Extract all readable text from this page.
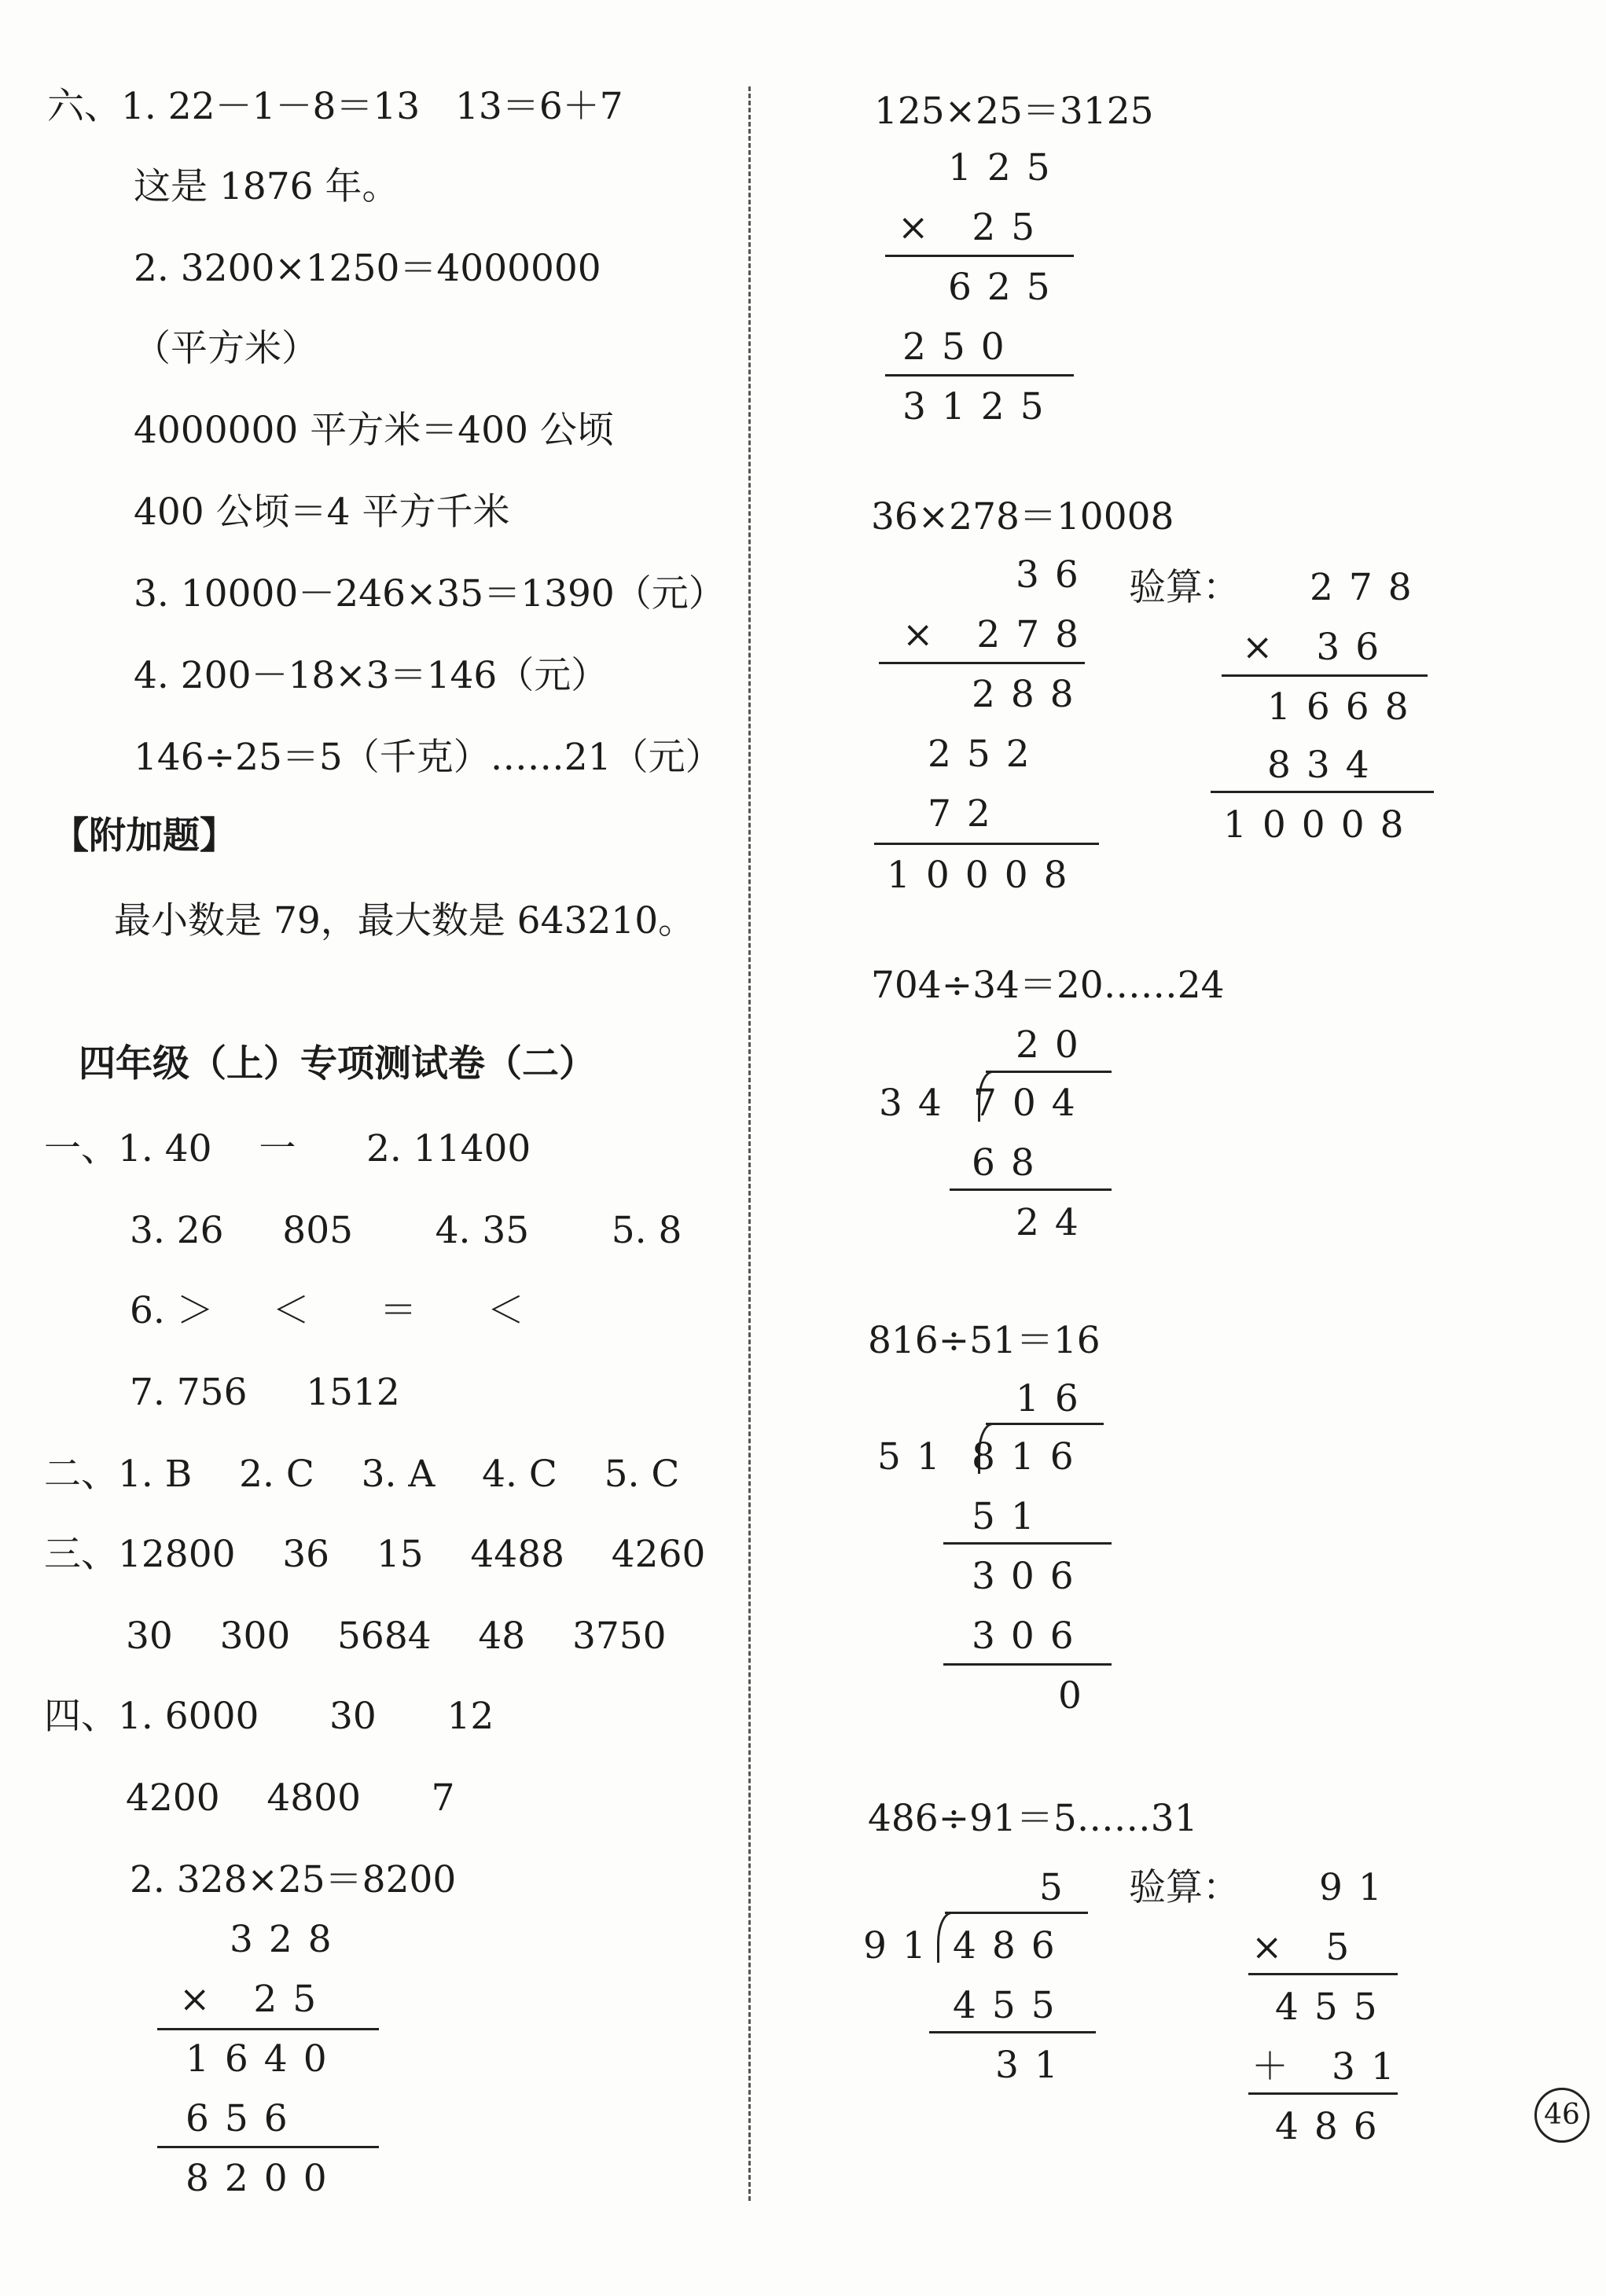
六、1. 22－1－8＝13   13＝6＋7
这是 1876 年。
2. 3200×1250＝4000000
（平方米）
4000000 平方米＝400 公顷
400 公顷＝4 平方千米
3. 10000－246×35＝1390（元）
4. 200－18×3＝146（元）
146÷25＝5（千克）……21（元）
【附加题】
最小数是 79，最大数是 643210。
四年级（上）专项测试卷（二）
一、1. 40    一      2. 11400
3. 26     805       4. 35       5. 8
6. ＞     ＜      ＝      ＜
7. 756     1512
二、1. B    2. C    3. A    4. C    5. C
三、12800    36    15    4488    4260
30    300    5684    48    3750
四、1. 6000      30      12
4200    4800      7
2. 328×25＝8200
328
× 25
1640
656
8200
125×25＝3125
125
× 25
625
250
3125
36×278＝10008
36
× 278
288
252
72
10008
验算： 278
× 36
1668
834
10008
704÷34＝20……24
20
34 704
68
24
816÷51＝16
16
51 816
51
306
306
0
486÷91＝5……31
5
91 486
455
31
验算： 91
× 5
455
＋ 31
486	46
